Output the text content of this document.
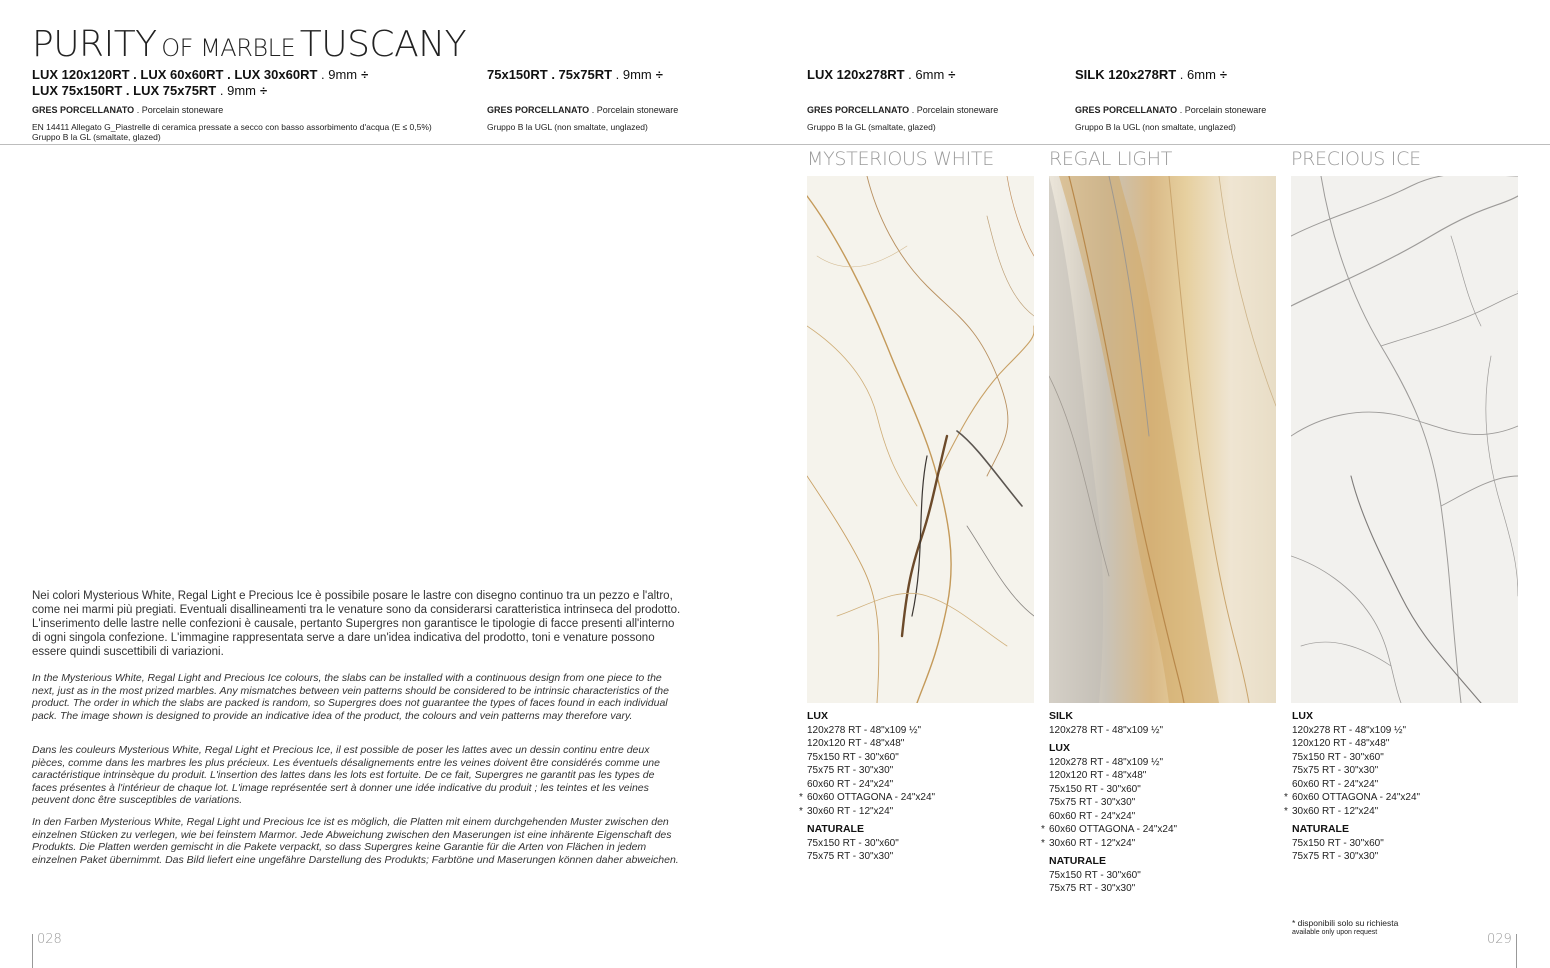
PURITY OF MARBLE TUSCANY
LUX 120x120RT . LUX 60x60RT . LUX 30x60RT . 9mm ÷
LUX 75x150RT . LUX 75x75RT . 9mm ÷
GRES PORCELLANATO . Porcelain stoneware
EN 14411 Allegato G_Piastrelle di ceramica pressate a secco con basso assorbimento d'acqua (E ≤ 0,5%)
Gruppo B la GL (smaltate, glazed)
75x150RT . 75x75RT . 9mm ÷
GRES PORCELLANATO . Porcelain stoneware
Gruppo B la UGL (non smaltate, unglazed)
LUX 120x278RT . 6mm ÷
GRES PORCELLANATO . Porcelain stoneware
Gruppo B la GL (smaltate, glazed)
SILK 120x278RT . 6mm ÷
GRES PORCELLANATO . Porcelain stoneware
Gruppo B la UGL (non smaltate, unglazed)
MYSTERIOUS WHITE	REGAL LIGHT	PRECIOUS ICE
LUX
120x278 RT - 48"x109 ½"
120x120 RT - 48"x48"
75x150 RT - 30"x60"
75x75 RT - 30"x30"
60x60 RT - 24"x24"
* 60x60 OTTAGONA - 24"x24"
* 30x60 RT - 12"x24"
NATURALE
75x150 RT - 30"x60"
75x75 RT - 30"x30"
SILK
120x278 RT - 48"x109 ½"
LUX
120x278 RT - 48"x109 ½"
120x120 RT - 48"x48"
75x150 RT - 30"x60"
75x75 RT - 30"x30"
60x60 RT - 24"x24"
* 60x60 OTTAGONA - 24"x24"
* 30x60 RT - 12"x24"
NATURALE
75x150 RT - 30"x60"
75x75 RT - 30"x30"
LUX
120x278 RT - 48"x109 ½"
120x120 RT - 48"x48"
75x150 RT - 30"x60"
75x75 RT - 30"x30"
60x60 RT - 24"x24"
* 60x60 OTTAGONA - 24"x24"
* 30x60 RT - 12"x24"
NATURALE
75x150 RT - 30"x60"
75x75 RT - 30"x30"
Nei colori Mysterious White, Regal Light e Precious Ice è possibile posare le lastre con disegno continuo tra un pezzo e l'altro, come nei marmi più pregiati. Eventuali disallineamenti tra le venature sono da considerarsi caratteristica intrinseca del prodotto. L'inserimento delle lastre nelle confezioni è causale, pertanto Supergres non garantisce le tipologie di facce presenti all'interno di ogni singola confezione. L'immagine rappresentata serve a dare un'idea indicativa del prodotto, toni e venature possono essere quindi suscettibili di variazioni.
In the Mysterious White, Regal Light and Precious Ice colours, the slabs can be installed with a continuous design from one piece to the next, just as in the most prized marbles. Any mismatches between vein patterns should be considered to be intrinsic characteristics of the product. The order in which the slabs are packed is random, so Supergres does not guarantee the types of faces found in each individual pack. The image shown is designed to provide an indicative idea of the product, the colours and vein patterns may therefore vary.
Dans les couleurs Mysterious White, Regal Light et Precious Ice, il est possible de poser les lattes avec un dessin continu entre deux pièces, comme dans les marbres les plus précieux. Les éventuels désalignements entre les veines doivent être considérés comme une caractéristique intrinsèque du produit. L'insertion des lattes dans les lots est fortuite. De ce fait, Supergres ne garantit pas les types de faces présentes à l'intérieur de chaque lot. L'image représentée sert à donner une idée indicative du produit ; les teintes et les veines peuvent donc être susceptibles de variations.
In den Farben Mysterious White, Regal Light und Precious Ice ist es möglich, die Platten mit einem durchgehenden Muster zwischen den einzelnen Stücken zu verlegen, wie bei feinstem Marmor. Jede Abweichung zwischen den Maserungen ist eine inhärente Eigenschaft des Produkts. Die Platten werden gemischt in die Pakete verpackt, so dass Supergres keine Garantie für die Arten von Flächen in jedem einzelnen Paket übernimmt. Das Bild liefert eine ungefähre Darstellung des Produkts; Farbtöne und Maserungen können daher abweichen.
* disponibili solo su richiesta
available only upon request
028	029
